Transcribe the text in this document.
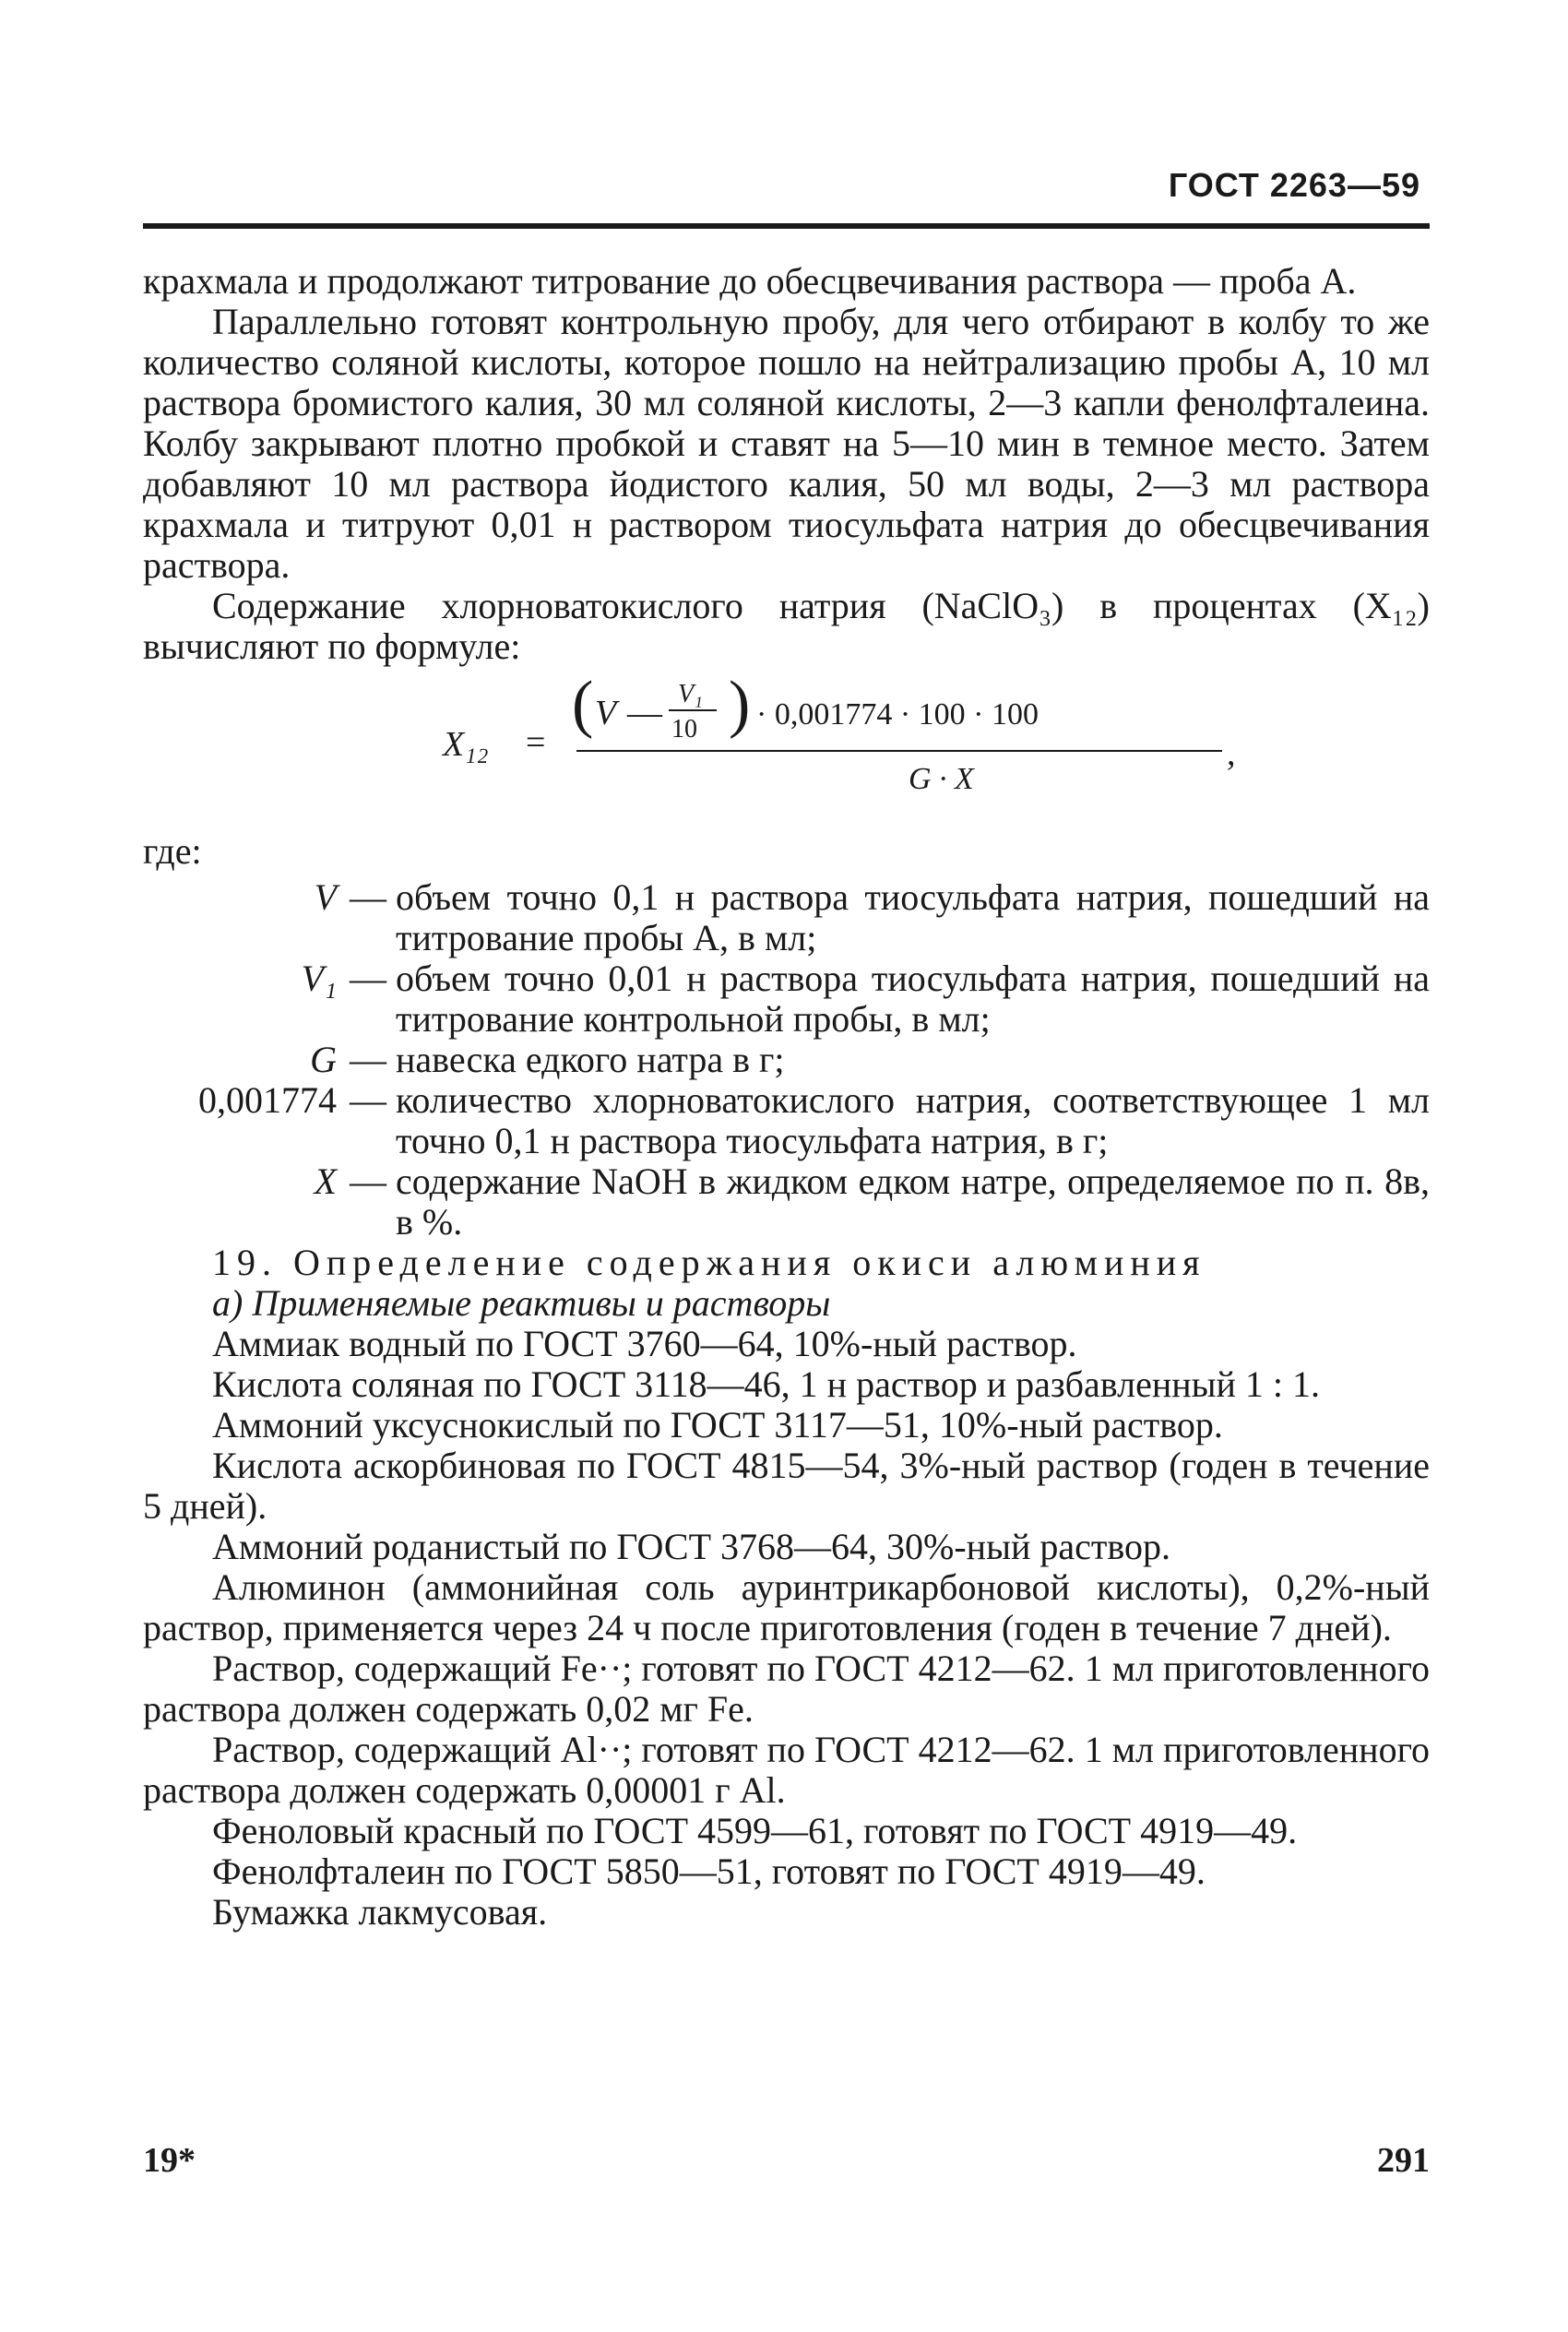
ГОСТ 2263—59

крахмала и продолжают титрование до обесцвечивания раствора — проба А.

Параллельно готовят контрольную пробу, для чего отбирают в колбу то же количество соляной кислоты, которое пошло на нейтрализацию пробы А, 10 мл раствора бромистого калия, 30 мл соляной кислоты, 2—3 капли фенолфталеина. Колбу закрывают плотно пробкой и ставят на 5—10 мин в темное место. Затем добавляют 10 мл раствора йодистого калия, 50 мл воды, 2—3 мл раствора крахмала и титруют 0,01 н раствором тиосульфата натрия до обесцвечивания раствора.

Содержание хлорноватокислого натрия (NaClO₃) в процентах (X₁₂) вычисляют по формуле:

X₁₂ =
( V — V₁
10 ) · 0,001774 · 100 · 100
G · X
,

где:

V	—	объем точно 0,1 н раствора тиосульфата натрия, пошедший на титрование пробы А, в мл;
V₁	—	объем точно 0,01 н раствора тиосульфата натрия, пошедший на титрование контрольной пробы, в мл;
G	—	навеска едкого натра в г;
0,001774	—	количество хлорноватокислого натрия, соответствующее 1 мл точно 0,1 н раствора тиосульфата натрия, в г;
X	—	содержание NaOH в жидком едком натре, определяемое по п. 8в, в %.

19. Определение содержания окиси алюминия

а) Применяемые реактивы и растворы

Аммиак водный по ГОСТ 3760—64, 10%-ный раствор.

Кислота соляная по ГОСТ 3118—46, 1 н раствор и разбавленный 1 : 1.

Аммоний уксуснокислый по ГОСТ 3117—51, 10%-ный раствор.

Кислота аскорбиновая по ГОСТ 4815—54, 3%-ный раствор (годен в течение 5 дней).

Аммоний роданистый по ГОСТ 3768—64, 30%-ный раствор.

Алюминон (аммонийная соль ауринтрикарбоновой кислоты), 0,2%-ный раствор, применяется через 24 ч после приготовления (годен в течение 7 дней).

Раствор, содержащий Fe··; готовят по ГОСТ 4212—62. 1 мл приготовленного раствора должен содержать 0,02 мг Fe.

Раствор, содержащий Al··; готовят по ГОСТ 4212—62. 1 мл приготовленного раствора должен содержать 0,00001 г Al.

Феноловый красный по ГОСТ 4599—61, готовят по ГОСТ 4919—49.

Фенолфталеин по ГОСТ 5850—51, готовят по ГОСТ 4919—49.

Бумажка лакмусовая.

19*	291
